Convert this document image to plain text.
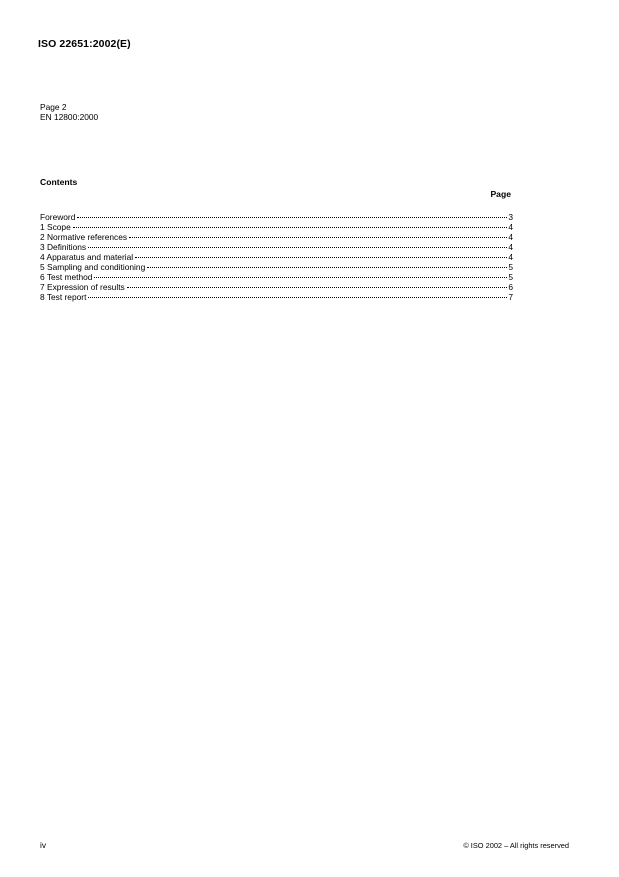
ISO 22651:2002(E)
Page 2
EN 12800:2000
Contents
Page
Foreword	3
1 Scope	4
2 Normative references	4
3 Definitions	4
4 Apparatus and material	4
5 Sampling and conditioning	5
6 Test method	5
7 Expression of results	6
8 Test report	7
iv	© ISO 2002 – All rights reserved
